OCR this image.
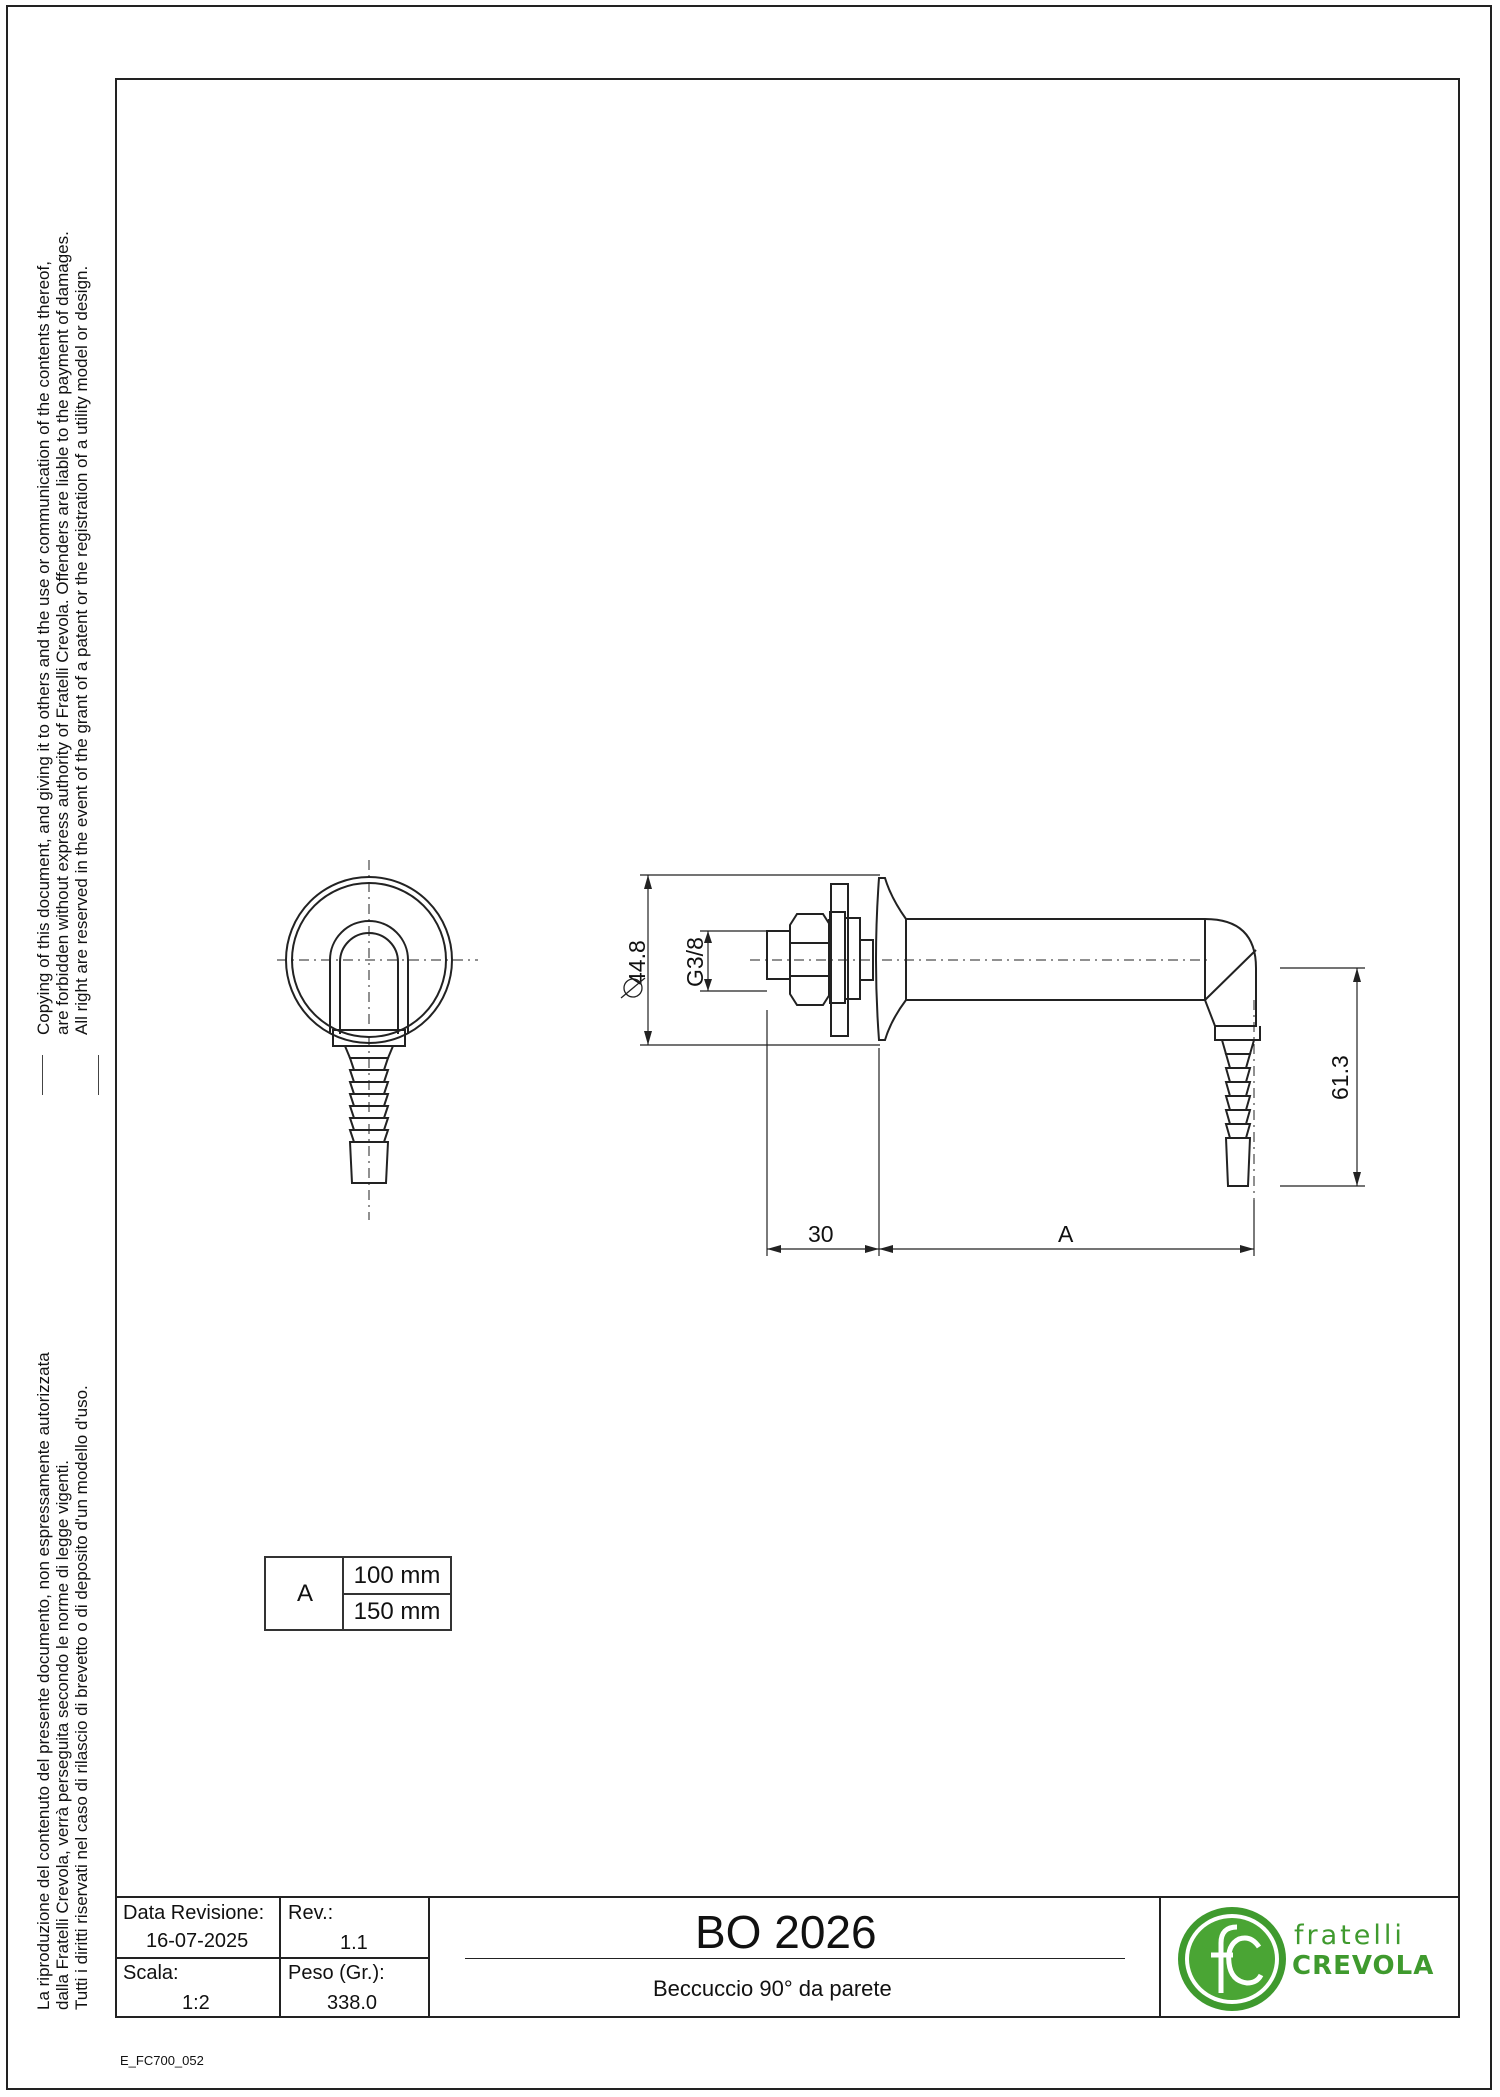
Copying of this document, and giving it to others and the use or communication of the contents thereof, are forbidden without express authority of Fratelli Crevola. Offenders are liable to the payment of damages. All right are reserved in the event of the grant of a patent or the registration of a utility model or design.
La riproduzione del contenuto del presente documento, non espressamente autorizzata dalla Fratelli Crevola, verrà perseguita secondo le norme di legge vigenti. Tutti i diritti riservati nel caso di rilascio di brevetto o di deposito d'un modello d'uso.
44.8 G3/8
61.3
30	A
A
100 mm
150 mm
Data Revisione:
16-07-2025
Rev.:
1.1
Scala:
1:2
Peso (Gr.):
338.0
BO 2026
Beccuccio 90° da parete
fratelli
CREVOLA
E_FC700_052
